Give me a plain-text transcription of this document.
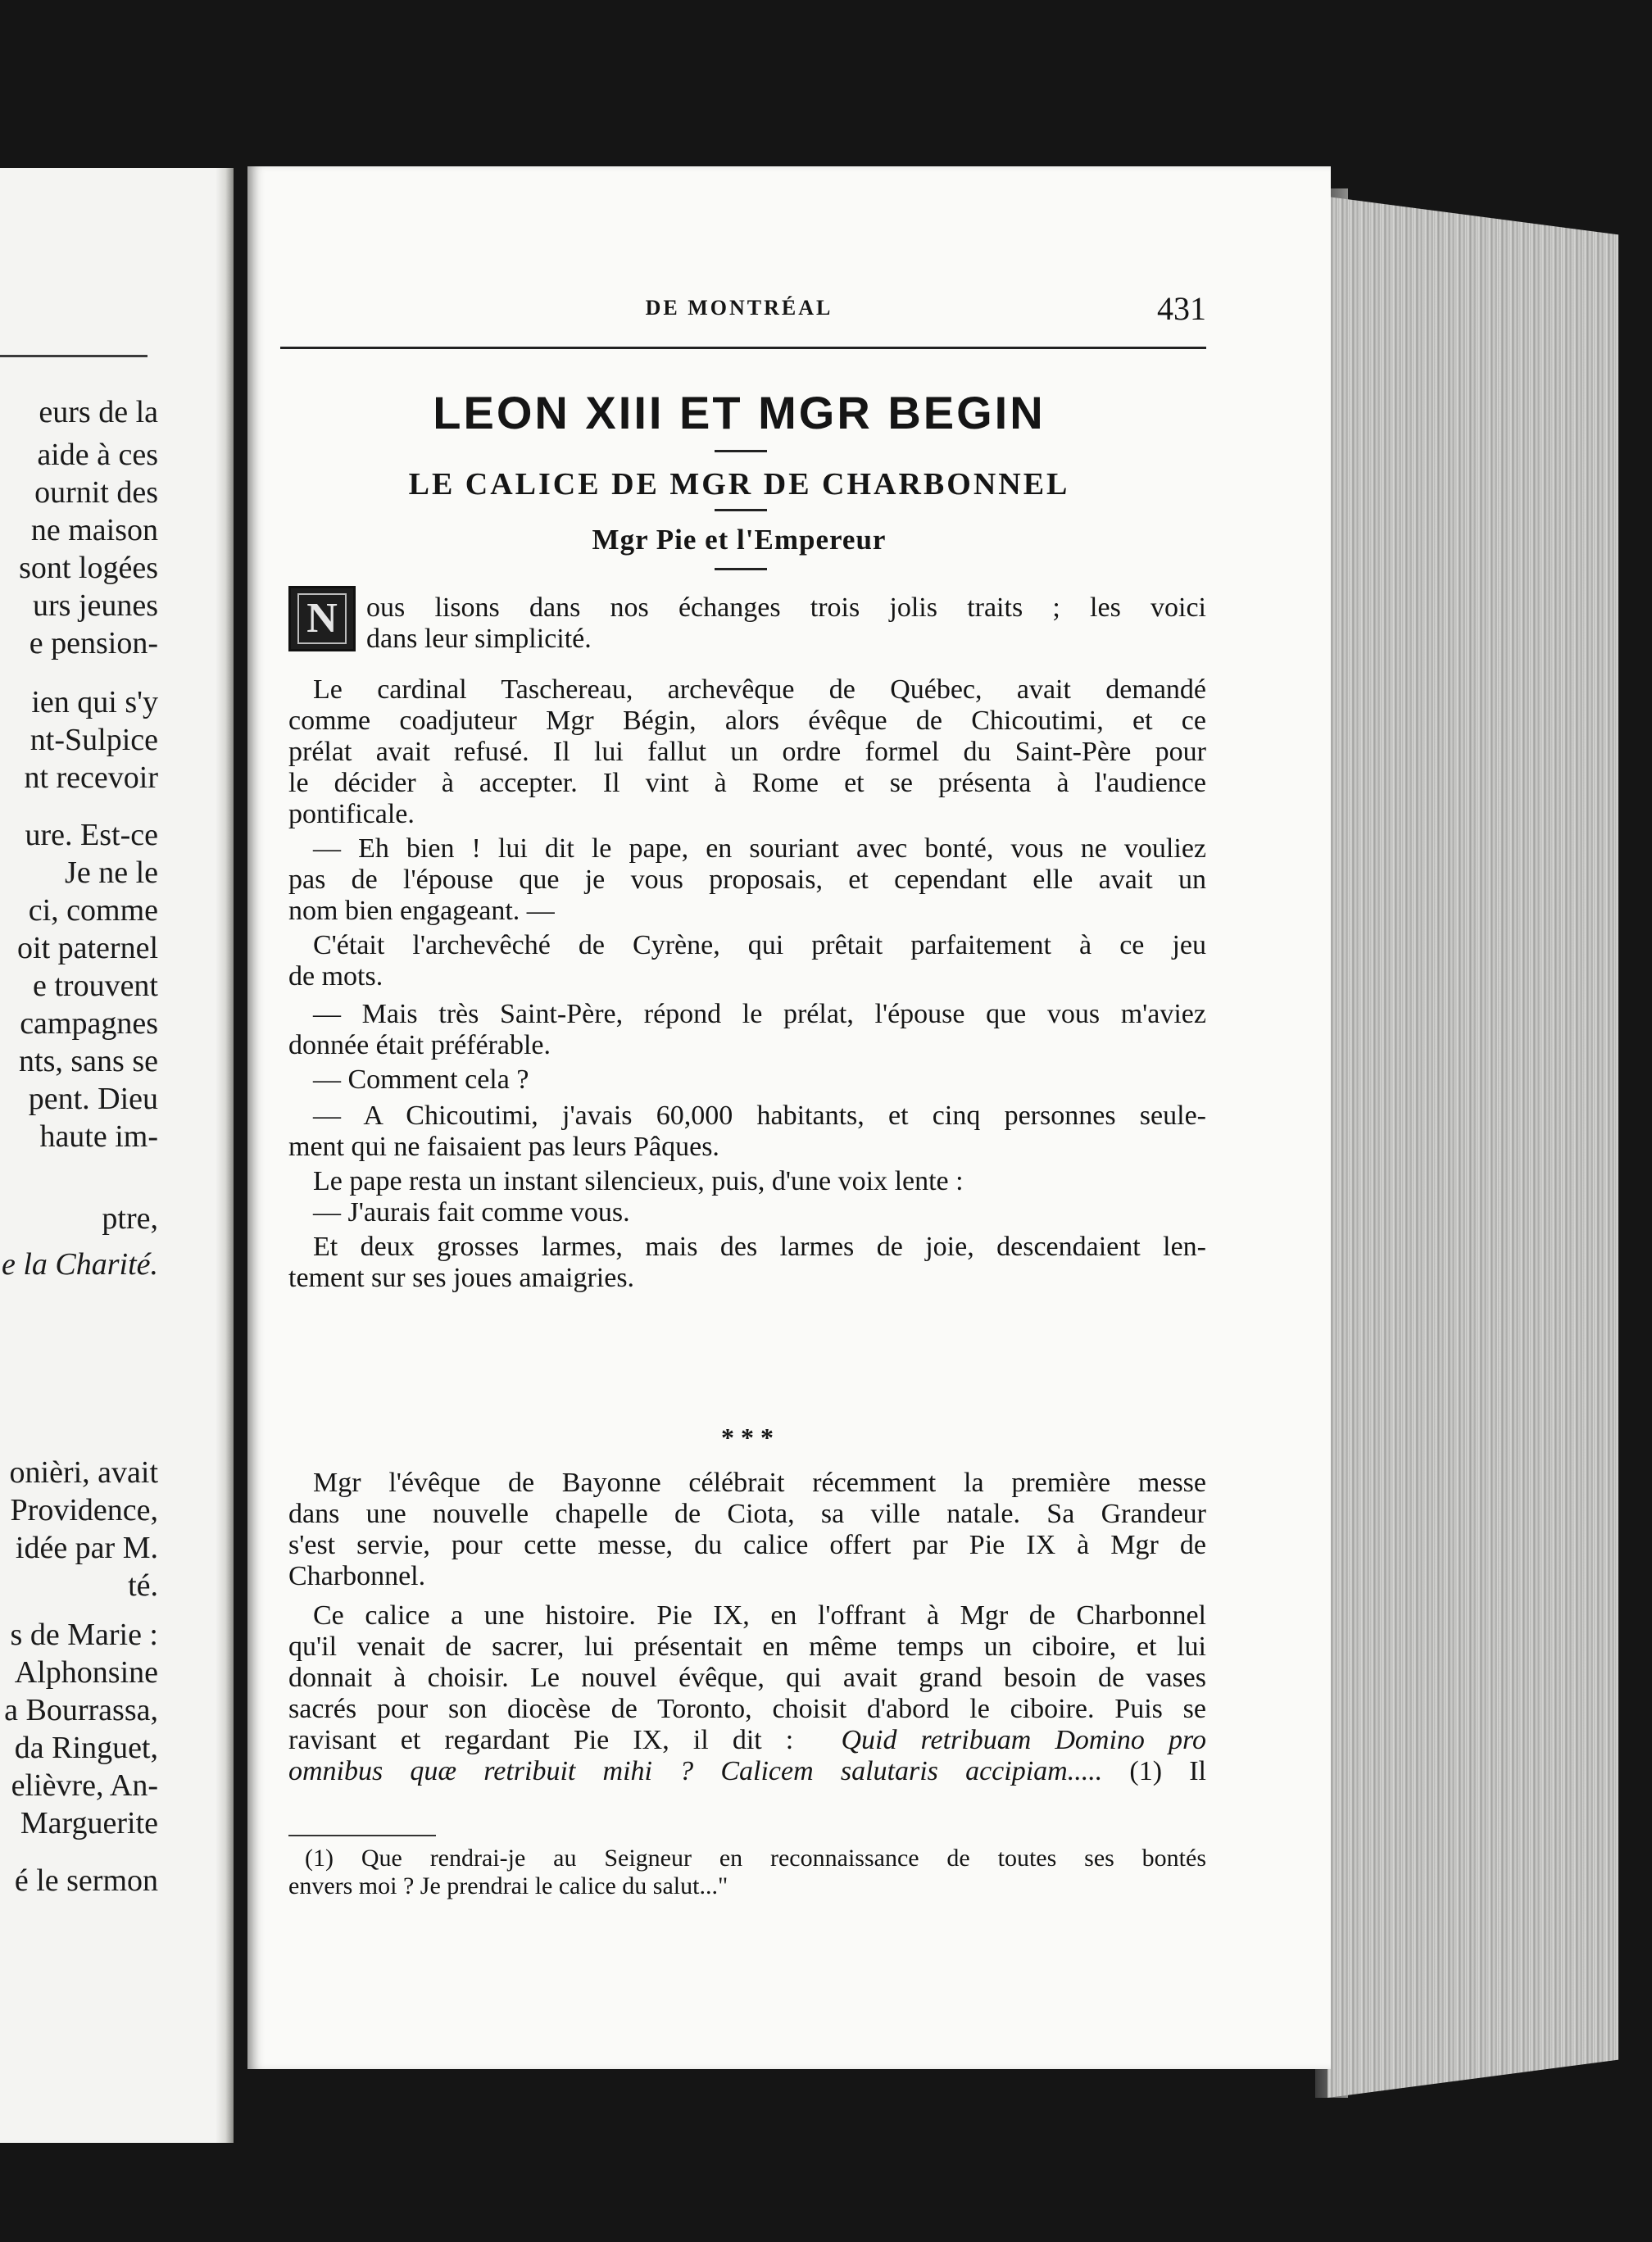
eurs de la
aide à ces
ournit des
ne maison
sont logées
urs jeunes
e pension-
ien qui s'y
nt-Sulpice
nt recevoir
ure. Est-ce
Je ne le
ci, comme
oit paternel
e trouvent
campagnes
nts, sans se
pent. Dieu
haute im-
ptre,
e la Charité.
onièri, avait
Providence,
idée par M.
té.
s de Marie :
Alphonsine
a Bourrassa,
da Ringuet,
elièvre, An-
Marguerite
é le sermon
DE MONTRÉAL	431
LEON XIII ET MGR BEGIN
LE CALICE DE MGR DE CHARBONNEL
Mgr Pie et l'Empereur
N	ous lisons dans nos échanges trois jolis traits ; les voici
dans leur simplicité.
Le cardinal Taschereau, archevêque de Québec, avait demandé
comme coadjuteur Mgr Bégin, alors évêque de Chicoutimi, et ce
prélat avait refusé. Il lui fallut un ordre formel du Saint-Père pour
le décider à accepter. Il vint à Rome et se présenta à l'audience
pontificale.
— Eh bien ! lui dit le pape, en souriant avec bonté, vous ne vouliez
pas de l'épouse que je vous proposais, et cependant elle avait un
nom bien engageant. —
C'était l'archevêché de Cyrène, qui prêtait parfaitement à ce jeu
de mots.
— Mais très Saint-Père, répond le prélat, l'épouse que vous m'aviez
donnée était préférable.
— Comment cela ?
— A Chicoutimi, j'avais 60,000 habitants, et cinq personnes seule-
ment qui ne faisaient pas leurs Pâques.
Le pape resta un instant silencieux, puis, d'une voix lente :
— J'aurais fait comme vous.
Et deux grosses larmes, mais des larmes de joie, descendaient len-
tement sur ses joues amaigries.
* * *
Mgr l'évêque de Bayonne célébrait récemment la première messe
dans une nouvelle chapelle de Ciota, sa ville natale. Sa Grandeur
s'est servie, pour cette messe, du calice offert par Pie IX à Mgr de
Charbonnel.
Ce calice a une histoire. Pie IX, en l'offrant à Mgr de Charbonnel
qu'il venait de sacrer, lui présentait en même temps un ciboire, et lui
donnait à choisir. Le nouvel évêque, qui avait grand besoin de vases
sacrés pour son diocèse de Toronto, choisit d'abord le ciboire. Puis se
ravisant et regardant Pie IX, il dit : Quid retribuam Domino pro
omnibus quæ retribuit mihi ? Calicem salutaris accipiam..... (1) Il
(1) Que rendrai-je au Seigneur en reconnaissance de toutes ses bontés
envers moi ? Je prendrai le calice du salut..."
